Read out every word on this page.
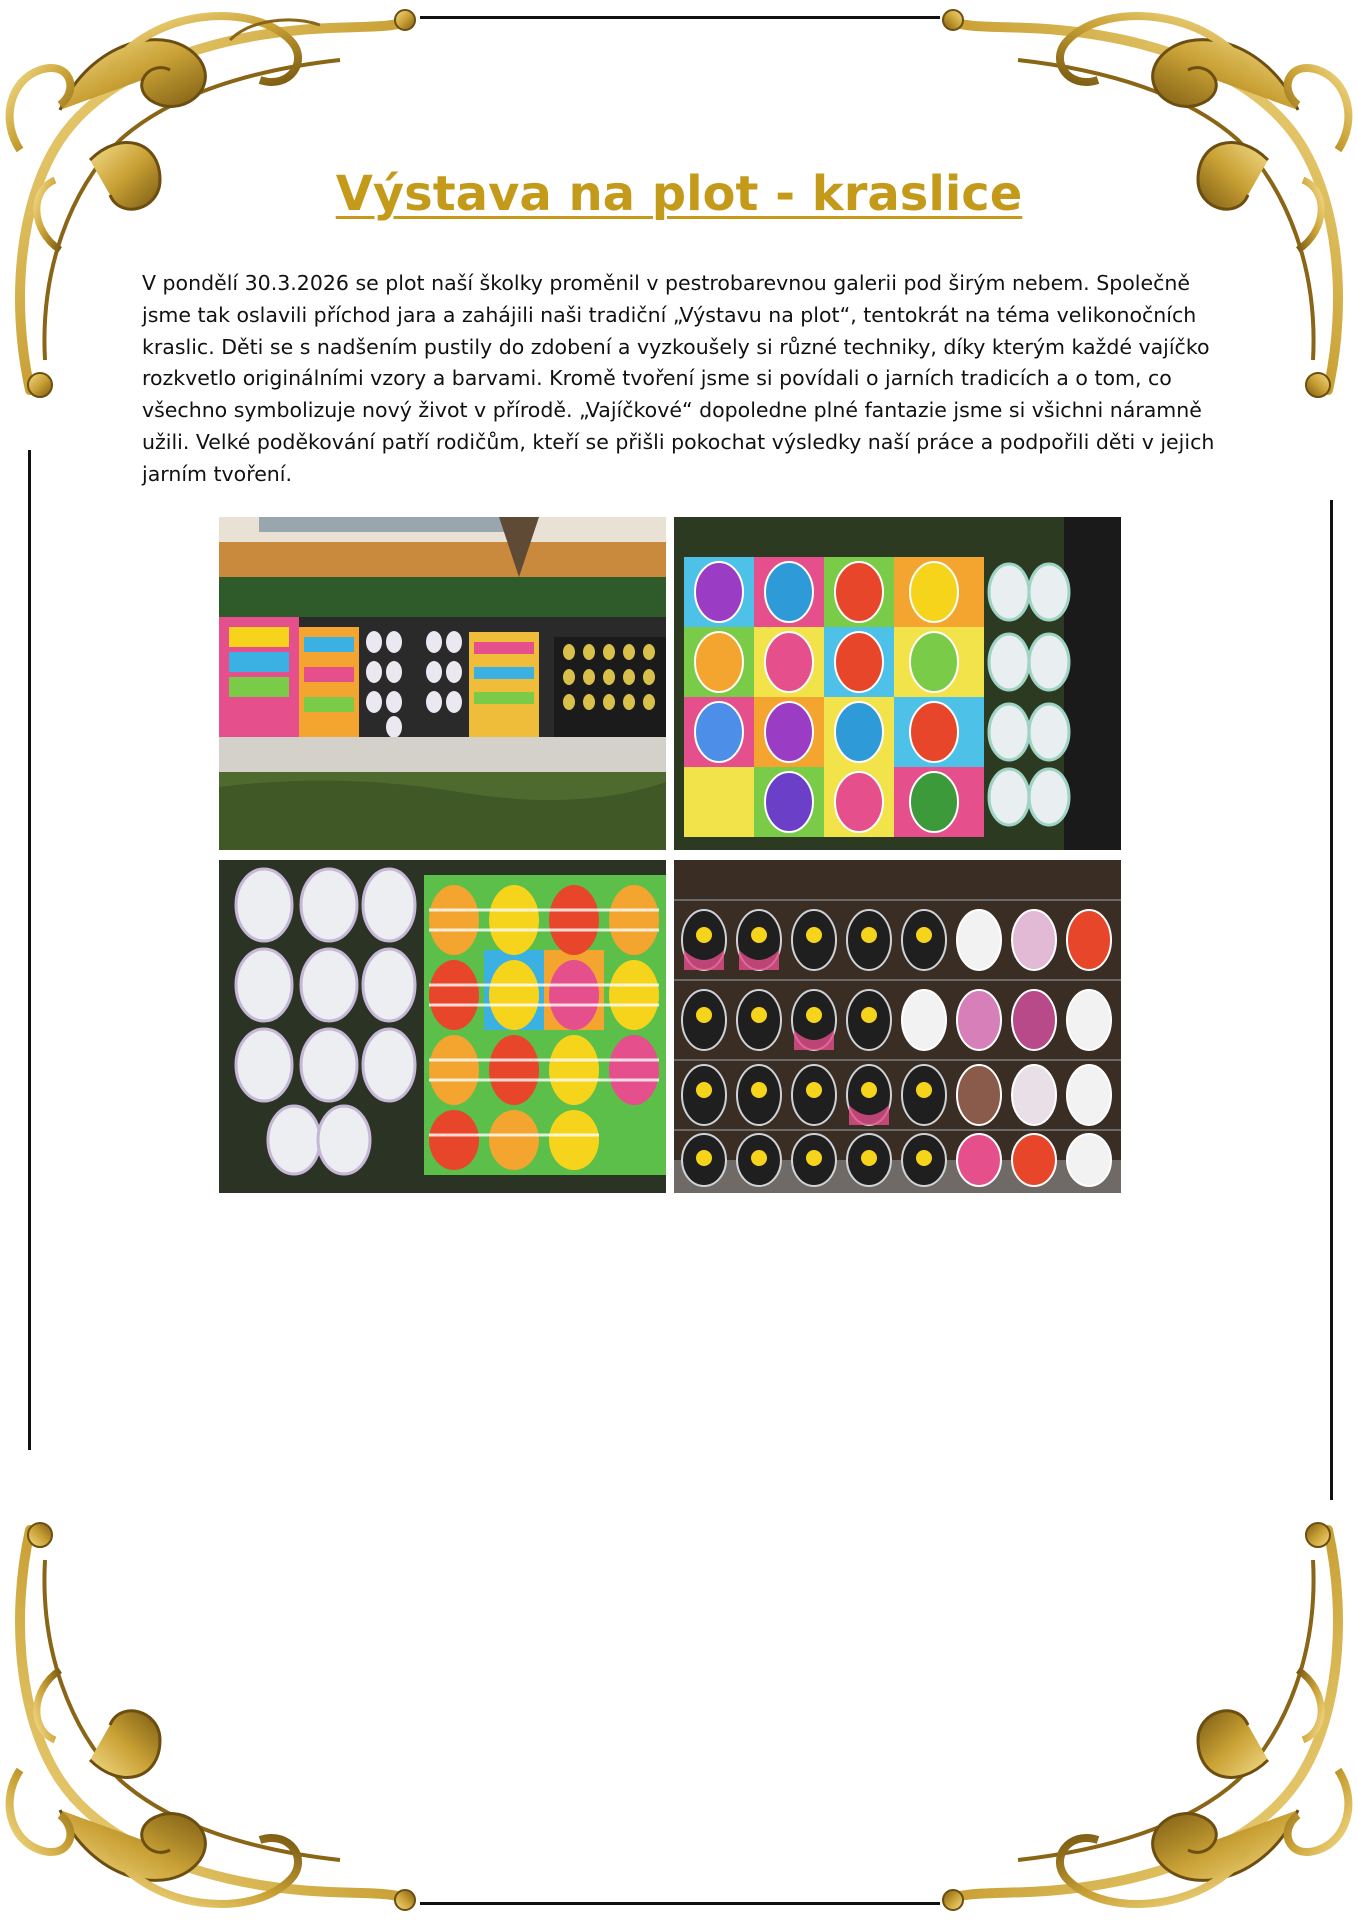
Výstava na plot - kraslice
V pondělí 30.3.2026 se plot naší školky proměnil v pestrobarevnou galerii pod širým nebem. Společně jsme tak oslavili příchod jara a zahájili naši tradiční „Výstavu na plot“, tentokrát na téma velikonočních kraslic. Děti se s nadšením pustily do zdobení a vyzkoušely si různé techniky, díky kterým každé vajíčko rozkvetlo originálními vzory a barvami. Kromě tvoření jsme si povídali o jarních tradicích a o tom, co všechno symbolizuje nový život v přírodě. „Vajíčkové“ dopoledne plné fantazie jsme si všichni náramně užili. Velké poděkování patří rodičům, kteří se přišli pokochat výsledky naší práce a podpořili děti v jejich jarním tvoření.
